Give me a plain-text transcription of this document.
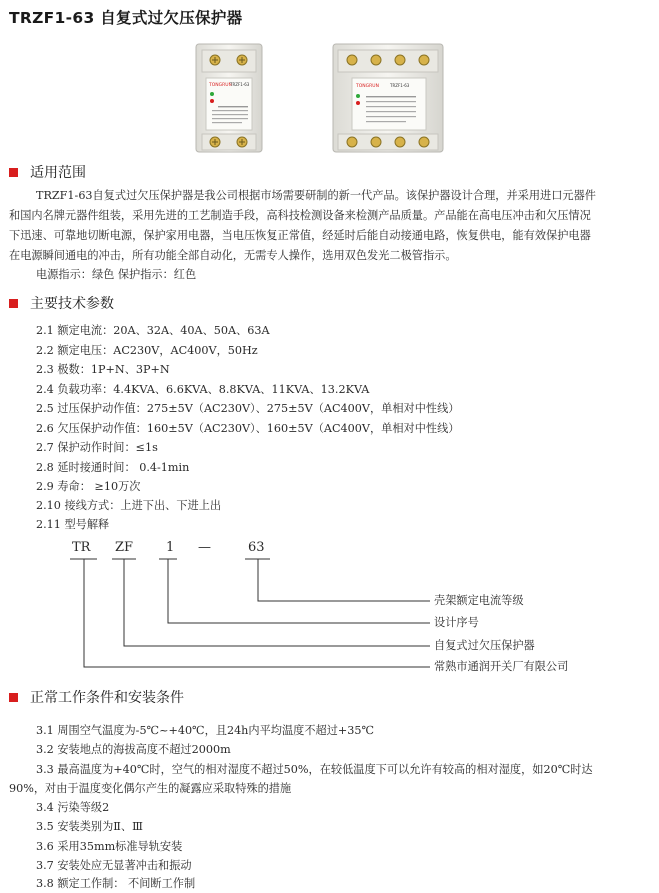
TRZF1-63 自复式过欠压保护器
TONGRUN
TRZF1-63	TONGRUN	TRZF1-63
适用范围
TRZF1-63自复式过欠压保护器是我公司根据市场需要研制的新一代产品。该保护器设计合理，并采用进口元器件
和国内名牌元器件组装，采用先进的工艺制造手段，高科技检测设备来检测产品质量。产品能在高电压冲击和欠压情况
下迅速、可靠地切断电源，保护家用电器，当电压恢复正常值，经延时后能自动接通电路，恢复供电，能有效保护电器
在电源瞬间通电的冲击，所有功能全部自动化，无需专人操作，选用双色发光二极管指示。
电源指示：绿色 保护指示：红色
主要技术参数
2.1 额定电流：20A、32A、40A、50A、63A
2.2 额定电压：AC230V，AC400V，50Hz
2.3 极数：1P+N、3P+N
2.4 负载功率：4.4KVA、6.6KVA、8.8KVA、11KVA、13.2KVA
2.5 过压保护动作值：275±5V（AC230V）、275±5V（AC400V，单相对中性线）
2.6 欠压保护动作值：160±5V（AC230V）、160±5V（AC400V，单相对中性线）
2.7 保护动作时间：≤1s
2.8 延时接通时间： 0.4-1min
2.9 寿命： ≥10万次
2.10 接线方式：上进下出、下进上出
2.11 型号解释
TR ZF	1 —	63
壳架额定电流等级
设计序号
自复式过欠压保护器
常熟市通润开关厂有限公司
正常工作条件和安装条件
3.1 周围空气温度为-5℃~+40℃，且24h内平均温度不超过+35℃
3.2 安装地点的海拔高度不超过2000m
3.3 最高温度为+40℃时，空气的相对湿度不超过50%，在较低温度下可以允许有较高的相对湿度，如20℃时达
90%，对由于温度变化偶尔产生的凝露应采取特殊的措施
3.4 污染等级2
3.5 安装类别为Ⅱ、Ⅲ
3.6 采用35mm标准导轨安装
3.7 安装处应无显著冲击和振动
3.8 额定工作制： 不间断工作制
